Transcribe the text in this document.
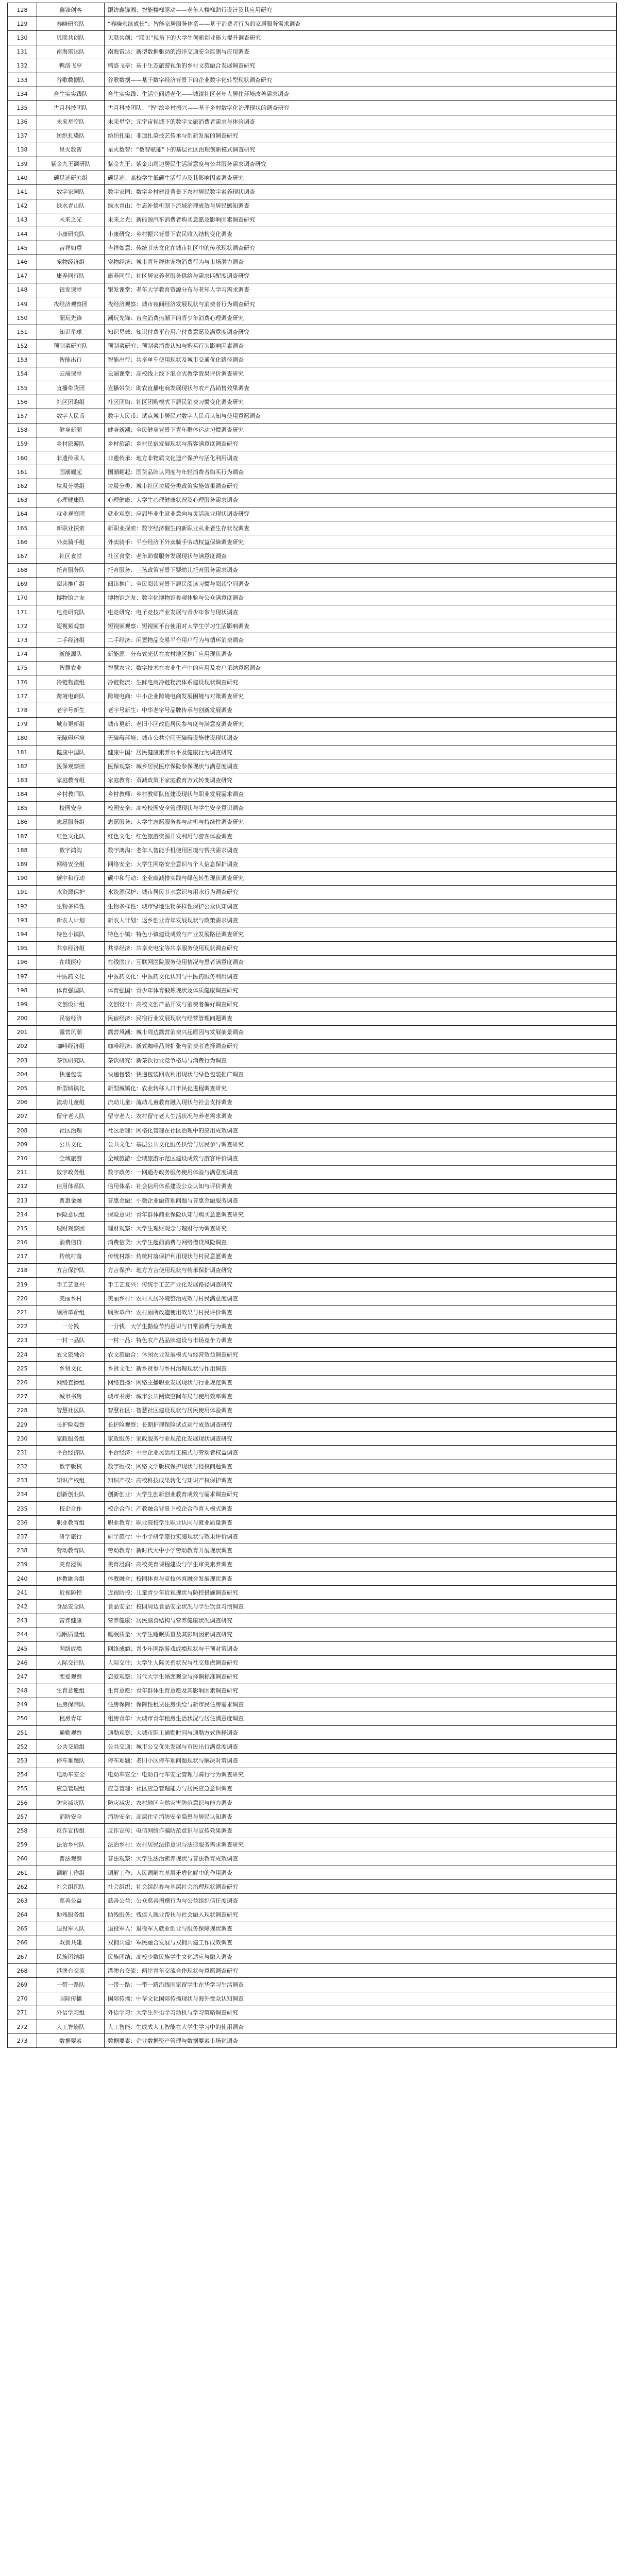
128	鑫锋创客	跟访鑫锋湘：智能楼梯驱动——老年人楼梯助行设计及其应用研究
129	春晓研究队	“春晓永续成长”：智能家居服务体系——基于消费者行为的家居服务需求调查
130	贝联共创队	贝联共创：“联见”视角下的大学生创新创业能力提升调查研究
131	南海雷达队	南海雷达：新型数据驱动的海洋交通安全监测与应用调查
132	鸭洛飞亭	鸭洛飞亭：基于生态旅游视角的乡村文旅融合发展调查研究
133	谷歌数据队	谷歌数据——基于数字经济背景下的企业数字化转型现状调查研究
134	合生实实践队	合生实实践：生活空间适老化——城镇社区老年人居住环境改善需求调查
135	古月科技团队	古月科技团队：“智”绘乡村振兴——基于乡村数字化治理现状的调查研究
136	未来星空队	未来星空：元宇宙视域下的数字文旅消费者需求与体验调查
137	纺织扎染队	纺织扎染：非遗扎染技艺传承与创新发展的调查研究
138	星火数智	星火数智：“数智赋能”下的基层社区治理创新模式调查研究
139	紫金九王调研队	紫金九王：紫金山周边居民生活满意度与公共服务需求调查研究
140	碳足迹研究组	碳足迹：高校学生低碳生活行为及其影响因素调查研究
141	数字家园队	数字家园：数字乡村建设背景下农村居民数字素养现状调查
142	绿水青山队	绿水青山：生态补偿机制下流域治理成效与居民感知调查
143	未来之光	未来之光：新能源汽车消费者购买意愿及影响因素调查研究
144	小康研究队	小康研究：乡村振兴背景下农民收入结构变化调查
145	吉祥如意	吉祥如意：传统节庆文化在城市社区中的传承现状调查研究
146	宠物经济组	宠物经济：城市青年群体宠物消费行为与市场潜力调查
147	康养同行队	康养同行：社区居家养老服务供给与需求匹配度调查研究
148	银发课堂	银发课堂：老年大学教育资源分布与老年人学习需求调查
149	夜经济观察团	夜经济观察：城市夜间经济发展现状与消费者行为调查研究
150	潮玩先锋	潮玩先锋：盲盒消费热潮下的青少年消费心理调查研究
151	知识星球	知识星球：知识付费平台用户付费意愿及满意度调查研究
152	预制菜研究队	预制菜研究：预制菜消费认知与购买行为影响因素调查
153	智能出行	智能出行：共享单车使用现状及城市交通优化路径调查
154	云端课堂	云端课堂：高校线上线下混合式教学效果评价调查研究
155	直播带货团	直播带货：助农直播电商发展现状与农产品销售效果调查
156	社区团购组	社区团购：社区团购模式下居民消费习惯变化调查研究
157	数字人民币	数字人民币：试点城市居民对数字人民币认知与使用意愿调查
158	健身新潮	健身新潮：全民健身背景下青年群体运动习惯调查研究
159	乡村旅游队	乡村旅游：乡村民宿发展现状与游客满意度调查研究
160	非遗传承人	非遗传承：地方非物质文化遗产保护与活化利用调查
161	国潮崛起	国潮崛起：国货品牌认同度与年轻消费者购买行为调查
162	垃圾分类组	垃圾分类：城市社区垃圾分类政策实施效果调查研究
163	心理健康队	心理健康：大学生心理健康状况及心理服务需求调查
164	就业观察团	就业观察：应届毕业生就业意向与灵活就业现状调查研究
165	新职业探索	新职业探索：数字经济催生的新职业从业者生存状况调查
166	外卖骑手组	外卖骑手：平台经济下外卖骑手劳动权益保障调查研究
167	社区食堂	社区食堂：老年助餐服务发展现状与满意度调查
168	托育服务队	托育服务：三孩政策背景下婴幼儿托育服务需求调查
169	阅读推广组	阅读推广：全民阅读背景下居民阅读习惯与阅读空间调查
170	博物馆之友	博物馆之友：数字化博物馆参观体验与公众满意度调查
171	电竞研究队	电竞研究：电子竞技产业发展与青少年参与现状调查
172	短视频观察	短视频观察：短视频平台使用对大学生学习生活影响调查
173	二手经济组	二手经济：闲置物品交易平台用户行为与循环消费调查
174	新能源队	新能源：分布式光伏在农村地区推广应用现状调查
175	智慧农业	智慧农业：数字技术在农业生产中的应用及农户采纳意愿调查
176	冷链物流组	冷链物流：生鲜电商冷链物流体系建设现状调查研究
177	跨境电商队	跨境电商：中小企业跨境电商发展困境与对策调查研究
178	老字号新生	老字号新生：中华老字号品牌传承与创新发展调查
179	城市更新组	城市更新：老旧小区改造居民参与度与满意度调查研究
180	无障碍环境	无障碍环境：城市公共空间无障碍设施建设现状调查
181	健康中国队	健康中国：居民健康素养水平及健康行为调查研究
182	医保观察团	医保观察：城乡居民医疗保险参保现状与满意度调查
183	家庭教育组	家庭教育：双减政策下家庭教育方式转变调查研究
184	乡村教师队	乡村教师：乡村教师队伍建设现状与职业发展需求调查
185	校园安全	校园安全：高校校园安全管理现状与学生安全意识调查
186	志愿服务组	志愿服务：大学生志愿服务参与动机与持续性调查研究
187	红色文化队	红色文化：红色旅游资源开发利用与游客体验调查
188	数字鸿沟	数字鸿沟：老年人智能手机使用困境与帮扶需求调查
189	网络安全组	网络安全：大学生网络安全意识与个人信息保护调查
190	碳中和行动	碳中和行动：企业碳减排实践与绿色转型现状调查研究
191	水资源保护	水资源保护：城市居民节水意识与用水行为调查研究
192	生物多样性	生物多样性：城市绿地生物多样性保护公众认知调查
193	新农人计划	新农人计划：返乡创业青年发展现状与政策需求调查
194	特色小镇队	特色小镇：特色小镇建设成效与产业发展路径调查研究
195	共享经济组	共享经济：共享充电宝等共享服务使用现状调查研究
196	在线医疗	在线医疗：互联网医院服务使用情况与患者满意度调查
197	中医药文化	中医药文化：中医药文化认知与中医药服务利用调查
198	体育强国队	体育强国：青少年体育锻炼现状及体质健康调查研究
199	文创设计组	文创设计：高校文创产品开发与消费者偏好调查研究
200	民宿经济	民宿经济：民宿行业发展现状与经营管理问题调查
201	露营风潮	露营风潮：城市周边露营消费兴起原因与发展前景调查
202	咖啡经济组	咖啡经济：新式咖啡品牌扩张与消费者选择调查研究
203	茶饮研究队	茶饮研究：新茶饮行业竞争格局与消费行为调查
204	快递包装	快递包装：快递包装回收利用现状与绿色包装推广调查
205	新型城镇化	新型城镇化：农业转移人口市民化进程调查研究
206	流动儿童组	流动儿童：流动儿童教育融入现状与社会支持调查
207	留守老人队	留守老人：农村留守老人生活状况与养老需求调查
208	社区治理	社区治理：网格化管理在社区治理中的应用成效调查
209	公共文化	公共文化：基层公共文化服务供给与居民参与调查研究
210	全域旅游	全域旅游：全域旅游示范区建设成效与游客评价调查
211	数字政务组	数字政务：一网通办政务服务使用体验与满意度调查
212	信用体系队	信用体系：社会信用体系建设公众认知与评价调查
213	普惠金融	普惠金融：小微企业融资难问题与普惠金融服务调查
214	保险意识组	保险意识：青年群体商业保险认知与购买意愿调查研究
215	理财观察团	理财观察：大学生理财观念与理财行为调查研究
216	消费信贷	消费信贷：大学生超前消费与网络借贷风险调查
217	传统村落	传统村落：传统村落保护利用现状与村民意愿调查
218	方言保护队	方言保护：地方方言使用现状与传承保护调查研究
219	手工艺复兴	手工艺复兴：传统手工艺产业化发展路径调查研究
220	美丽乡村	美丽乡村：农村人居环境整治成效与村民满意度调查
221	厕所革命组	厕所革命：农村厕所改造使用效果与村民评价调查
222	一分钱	一分钱：大学生勤俭节约意识与日常消费行为调查
223	一村一品队	一村一品：特色农产品品牌建设与市场竞争力调查
224	农文旅融合	农文旅融合：休闲农业发展模式与经营效益调查研究
225	乡贤文化	乡贤文化：新乡贤参与乡村治理现状与作用调查
226	网络直播组	网络直播：网络主播职业发展现状与行业规范调查
227	城市书房	城市书房：城市公共阅读空间布局与使用效率调查
228	智慧社区队	智慧社区：智慧社区建设现状与居民使用体验调查
229	长护险观察	长护险观察：长期护理保险试点运行成效调查研究
230	家政服务组	家政服务：家政服务行业规范化发展现状调查研究
231	平台经济队	平台经济：平台企业灵活用工模式与劳动者权益调查
232	数字版权	数字版权：网络文学版权保护现状与侵权问题调查
233	知识产权组	知识产权：高校科技成果转化与知识产权保护调查
234	创新创业队	创新创业：大学生创新创业教育成效与需求调查研究
235	校企合作	校企合作：产教融合背景下校企合作育人模式调查
236	职业教育组	职业教育：职业院校学生职业认同与就业质量调查
237	研学旅行	研学旅行：中小学研学旅行实施现状与效果评价调查
238	劳动教育队	劳动教育：新时代大中小学劳动教育开展现状调查
239	美育浸润	美育浸润：高校美育课程建设与学生审美素养调查
240	体教融合组	体教融合：校园体育与竞技体育融合发展现状调查
241	近视防控	近视防控：儿童青少年近视现状与防控措施调查研究
242	食品安全队	食品安全：校园周边食品安全状况与学生饮食习惯调查
243	营养健康	营养健康：居民膳食结构与营养健康状况调查研究
244	睡眠质量组	睡眠质量：大学生睡眠质量及其影响因素调查研究
245	网络成瘾	网络成瘾：青少年网络游戏成瘾现状与干预对策调查
246	人际交往队	人际交往：大学生人际关系状况与社交焦虑调查研究
247	恋爱观察	恋爱观察：当代大学生婚恋观念与择偶标准调查研究
248	生育意愿组	生育意愿：青年群体生育意愿及其影响因素调查研究
249	住房保障队	住房保障：保障性租赁住房供给与新市民住房需求调查
250	租房青年	租房青年：大城市青年租房生活状况与居住满意度调查
251	通勤观察	通勤观察：大城市职工通勤时间与通勤方式选择调查
252	公共交通组	公共交通：城市公交优先发展与市民出行满意度调查
253	停车难题队	停车难题：老旧小区停车难问题现状与解决对策调查
254	电动车安全	电动车安全：电动自行车安全管理与骑行行为调查研究
255	应急管理组	应急管理：社区应急管理能力与居民应急意识调查
256	防灾减灾队	防灾减灾：农村地区自然灾害防范意识与能力调查
257	消防安全	消防安全：高层住宅消防安全隐患与居民认知调查
258	反诈宣传组	反诈宣传：电信网络诈骗防范意识与宣传效果调查
259	法治乡村队	法治乡村：农村居民法律意识与法律服务需求调查研究
260	普法观察	普法观察：大学生法治素养现状与普法教育成效调查
261	调解工作组	调解工作：人民调解在基层矛盾化解中的作用调查
262	社会组织队	社会组织：社会组织参与基层社会治理现状调查研究
263	慈善公益	慈善公益：公众慈善捐赠行为与公益组织信任度调查
264	助残服务组	助残服务：残疾人就业帮扶与社会融入现状调查研究
265	退役军人队	退役军人：退役军人就业创业与服务保障现状调查
266	双拥共建	双拥共建：军民融合发展与双拥共建工作成效调查
267	民族团结组	民族团结：高校少数民族学生文化适应与融入调查
268	港澳台交流	港澳台交流：两岸青年交流合作现状与意愿调查研究
269	一带一路队	一带一路：一带一路沿线国家留学生在华学习生活调查
270	国际传播	国际传播：中华文化国际传播现状与海外受众认知调查
271	外语学习组	外语学习：大学生外语学习动机与学习策略调查研究
272	人工智能队	人工智能：生成式人工智能在大学生学习中的使用调查
273	数据要素	数据要素：企业数据资产管理与数据要素市场化调查
